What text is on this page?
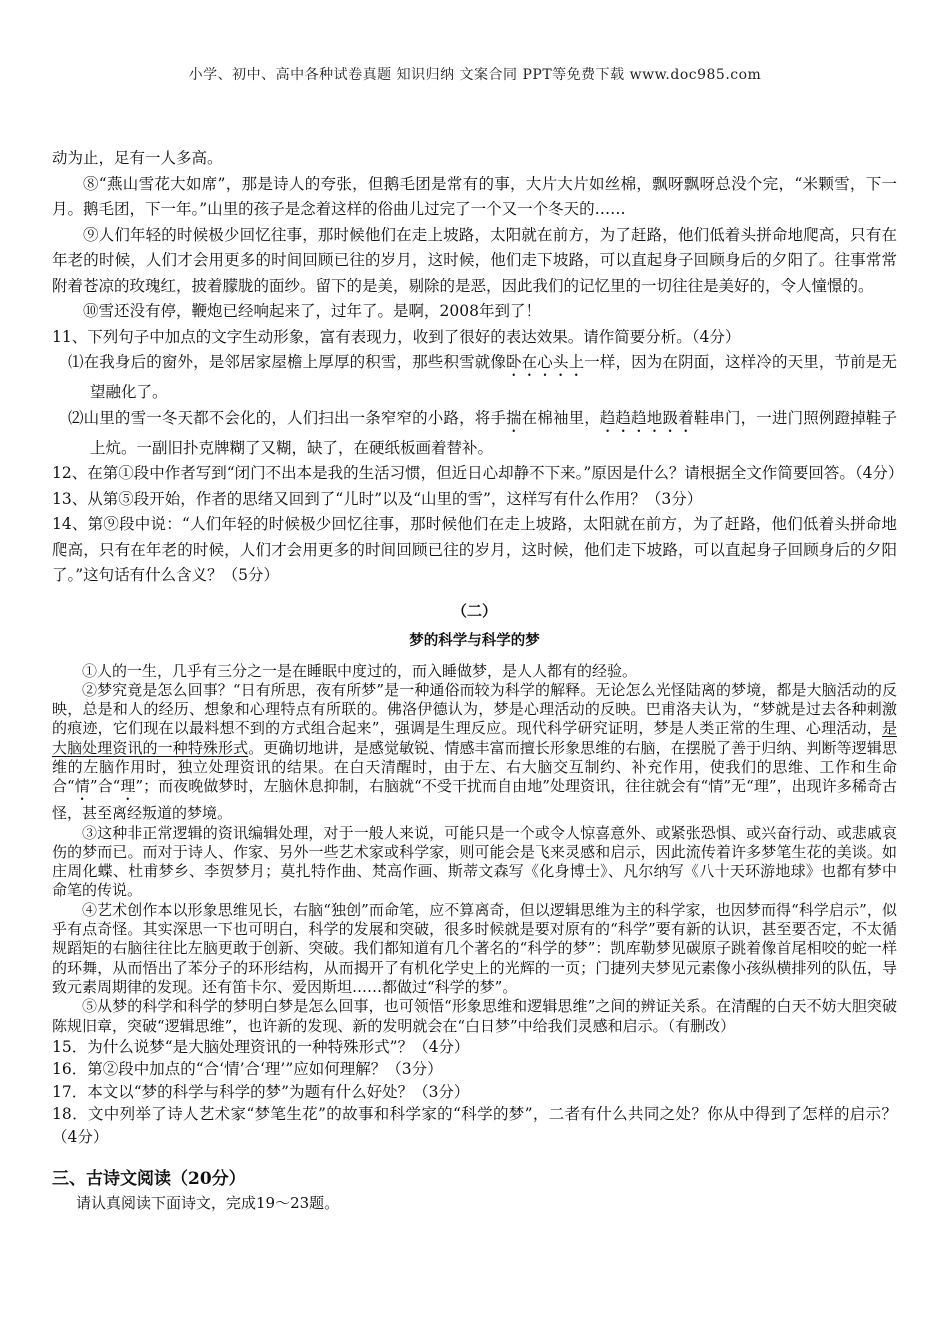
小学、初中、高中各种试卷真题 知识归纳 文案合同 PPT等免费下载 www.doc985.com

动为止，足有一人多高。

⑧“燕山雪花大如席”，那是诗人的夸张，但鹅毛团是常有的事，大片大片如丝棉，飘呀飘呀总没个完，“米颗雪，下一月。鹅毛团，下一年。”山里的孩子是念着这样的俗曲儿过完了一个又一个冬天的……

⑨人们年轻的时候极少回忆往事，那时候他们在走上坡路，太阳就在前方，为了赶路，他们低着头拼命地爬高，只有在年老的时候，人们才会用更多的时间回顾已往的岁月，这时候，他们走下坡路，可以直起身子回顾身后的夕阳了。往事常常附着苍凉的玫瑰红，披着朦胧的面纱。留下的是美，剔除的是恶，因此我们的记忆里的一切往往是美好的，令人憧憬的。

⑩雪还没有停，鞭炮已经响起来了，过年了。是啊，2008年到了！

11、下列句子中加点的文字生动形象，富有表现力，收到了很好的表达效果。请作简要分析。（4分）

⑴在我身后的窗外，是邻居家屋檐上厚厚的积雪，那些积雪就像卧在心头上一样，因为在阴面，这样冷的天里，节前是无望融化了。

⑵山里的雪一冬天都不会化的，人们扫出一条窄窄的小路，将手揣在棉袖里，趋趋趋地趿着鞋串门，一进门照例蹬掉鞋子上炕。一副旧扑克牌糊了又糊，缺了，在硬纸板画着替补。

12、在第①段中作者写到“闭门不出本是我的生活习惯，但近日心却静不下来。”原因是什么？请根据全文作简要回答。（4分）

13、从第⑤段开始，作者的思绪又回到了“儿时”以及“山里的雪”，这样写有什么作用？（3分）

14、第⑨段中说：“人们年轻的时候极少回忆往事，那时候他们在走上坡路，太阳就在前方，为了赶路，他们低着头拼命地爬高，只有在年老的时候，人们才会用更多的时间回顾已往的岁月，这时候，他们走下坡路，可以直起身子回顾身后的夕阳了。”这句话有什么含义？（5分）

（二）

梦的科学与科学的梦

①人的一生，几乎有三分之一是在睡眠中度过的，而入睡做梦，是人人都有的经验。

②梦究竟是怎么回事？“日有所思，夜有所梦”是一种通俗而较为科学的解释。无论怎么光怪陆离的梦境，都是大脑活动的反映，总是和人的经历、想象和心理特点有所联的。佛洛伊德认为，梦是心理活动的反映。巴甫洛夫认为，“梦就是过去各种刺激的痕迹，它们现在以最料想不到的方式组合起来”，强调是生理反应。现代科学研究证明，梦是人类正常的生理、心理活动，是大脑处理资讯的一种特殊形式。更确切地讲，是感觉敏锐、情感丰富而擅长形象思维的右脑，在摆脱了善于归纳、判断等逻辑思维的左脑作用时，独立处理资讯的结果。在白天清醒时，由于左、右大脑交互制约、补充作用，使我们的思维、工作和生命合“情”合“理”；而夜晚做梦时，左脑休息抑制，右脑就“不受干扰而自由地”处理资讯，往往就会有“情”无“理”，出现许多稀奇古怪，甚至离经叛道的梦境。

③这种非正常逻辑的资讯编辑处理，对于一般人来说，可能只是一个或令人惊喜意外、或紧张恐惧、或兴奋行动、或悲戚哀伤的梦而已。而对于诗人、作家、另外一些艺术家或科学家，则可能会是飞来灵感和启示，因此流传着许多梦笔生花的美谈。如庄周化蝶、杜甫梦乡、李贺梦月；莫扎特作曲、梵高作画、斯蒂文森写《化身博士》、凡尔纳写《八十天环游地球》也都有梦中命笔的传说。

④艺术创作本以形象思维见长，右脑“独创”而命笔，应不算离奇，但以逻辑思维为主的科学家，也因梦而得“科学启示”，似乎有点奇怪。其实深思一下也可明白，科学的发展和突破，很多时候就是要对原有的“科学”要有新的认识，甚至要否定，不太循规蹈矩的右脑往往比左脑更敢于创新、突破。我们都知道有几个著名的“科学的梦”：凯库勒梦见碳原子跳着像首尾相咬的蛇一样的环舞，从而悟出了苯分子的环形结构，从而揭开了有机化学史上的光辉的一页；门捷列夫梦见元素像小孩纵横排列的队伍，导致元素周期律的发现。还有笛卡尔、爱因斯坦……都做过“科学的梦”。

⑤从梦的科学和科学的梦明白梦是怎么回事，也可领悟“形象思维和逻辑思维”之间的辨证关系。在清醒的白天不妨大胆突破陈规旧章，突破“逻辑思维”，也许新的发现、新的发明就会在“白日梦”中给我们灵感和启示。（有删改）

15．为什么说梦“是大脑处理资讯的一种特殊形式”？（4分）

16．第②段中加点的“合‘情’合‘理’”应如何理解？（3分）

17．本文以“梦的科学与科学的梦”为题有什么好处？（3分）

18．文中列举了诗人艺术家“梦笔生花”的故事和科学家的“科学的梦”，二者有什么共同之处？你从中得到了怎样的启示？（4分）

三、古诗文阅读（20分）

请认真阅读下面诗文，完成19～23题。
